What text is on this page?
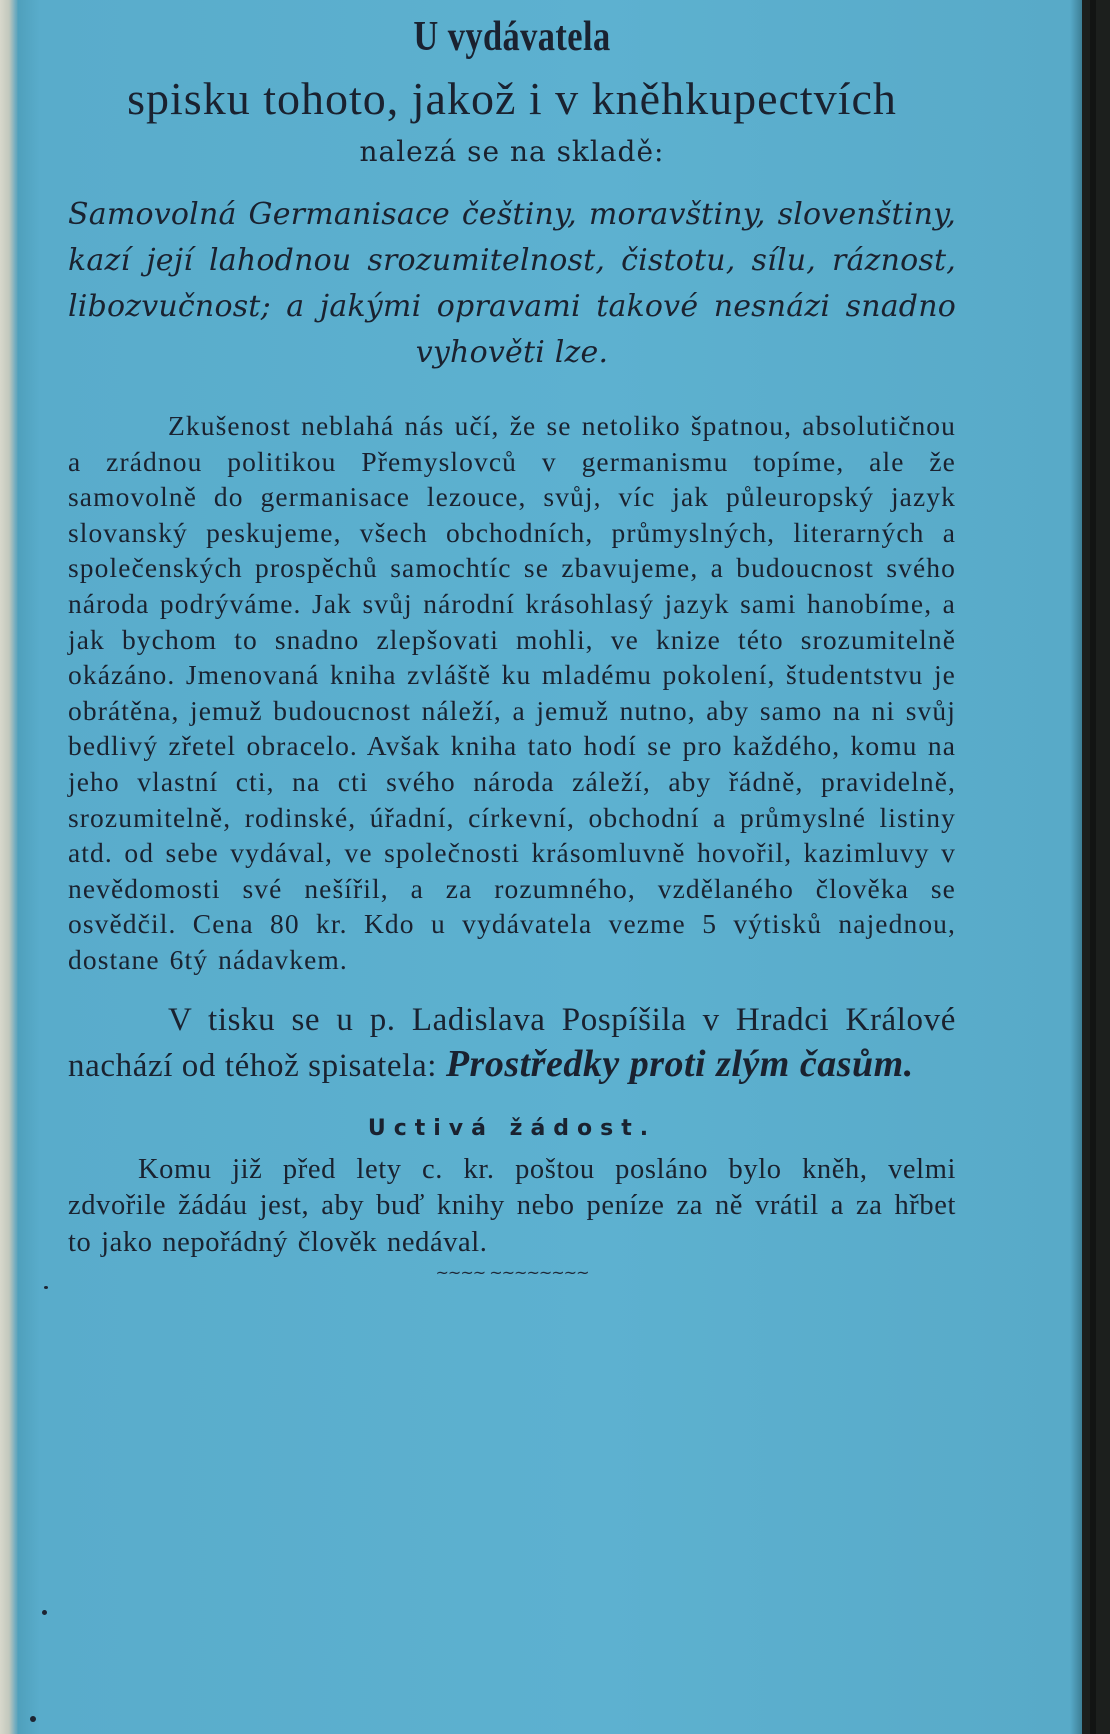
U vydávatela
spisku tohoto, jakož i v kněhkupectvích
nalezá se na skladě:
Samovolná Germanisace češtiny, moravštiny, slovenštiny, kazí její lahodnou srozumitelnost, čistotu, sílu, ráznost, libozvučnost; a jakými opravami takové nesnázi snadno vyhověti lze.
Zkušenost neblahá nás učí, že se netoliko špatnou, absolutičnou a zrádnou politikou Přemyslovců v germanismu topíme, ale že samovolně do germanisace lezouce, svůj, víc jak půleuropský jazyk slovanský peskujeme, všech obchodních, průmyslných, literarných a společenských prospěchů samochtíc se zbavujeme, a budoucnost svého národa podrýváme. Jak svůj národní krásohlasý jazyk sami hanobíme, a jak bychom to snadno zlepšovati mohli, ve knize této srozumitelně okázáno. Jmenovaná kniha zvláště ku mladému pokolení, študentstvu je obrátěna, jemuž budoucnost náleží, a jemuž nutno, aby samo na ni svůj bedlivý zřetel obracelo. Avšak kniha tato hodí se pro každého, komu na jeho vlastní cti, na cti svého národa záleží, aby řádně, pravidelně, srozumitelně, rodinské, úřadní, církevní, obchodní a průmyslné listiny atd. od sebe vydával, ve společnosti krásomluvně hovořil, kazimluvy v nevědomosti své nešířil, a za rozumného, vzdělaného člověka se osvědčil. Cena 80 kr. Kdo u vydávatela vezme 5 výtisků najednou, dostane 6tý nádavkem.
V tisku se u p. Ladislava Pospíšila v Hradci Králové nachází od téhož spisatela: Prostředky proti zlým časům.
Uctivá žádost.
Komu již před lety c. kr. poštou posláno bylo kněh, velmi zdvořile žádáu jest, aby buď knihy nebo peníze za ně vrátil a za hřbet to jako nepořádný člověk nedával.
~~~~ ~~~~~~~~
